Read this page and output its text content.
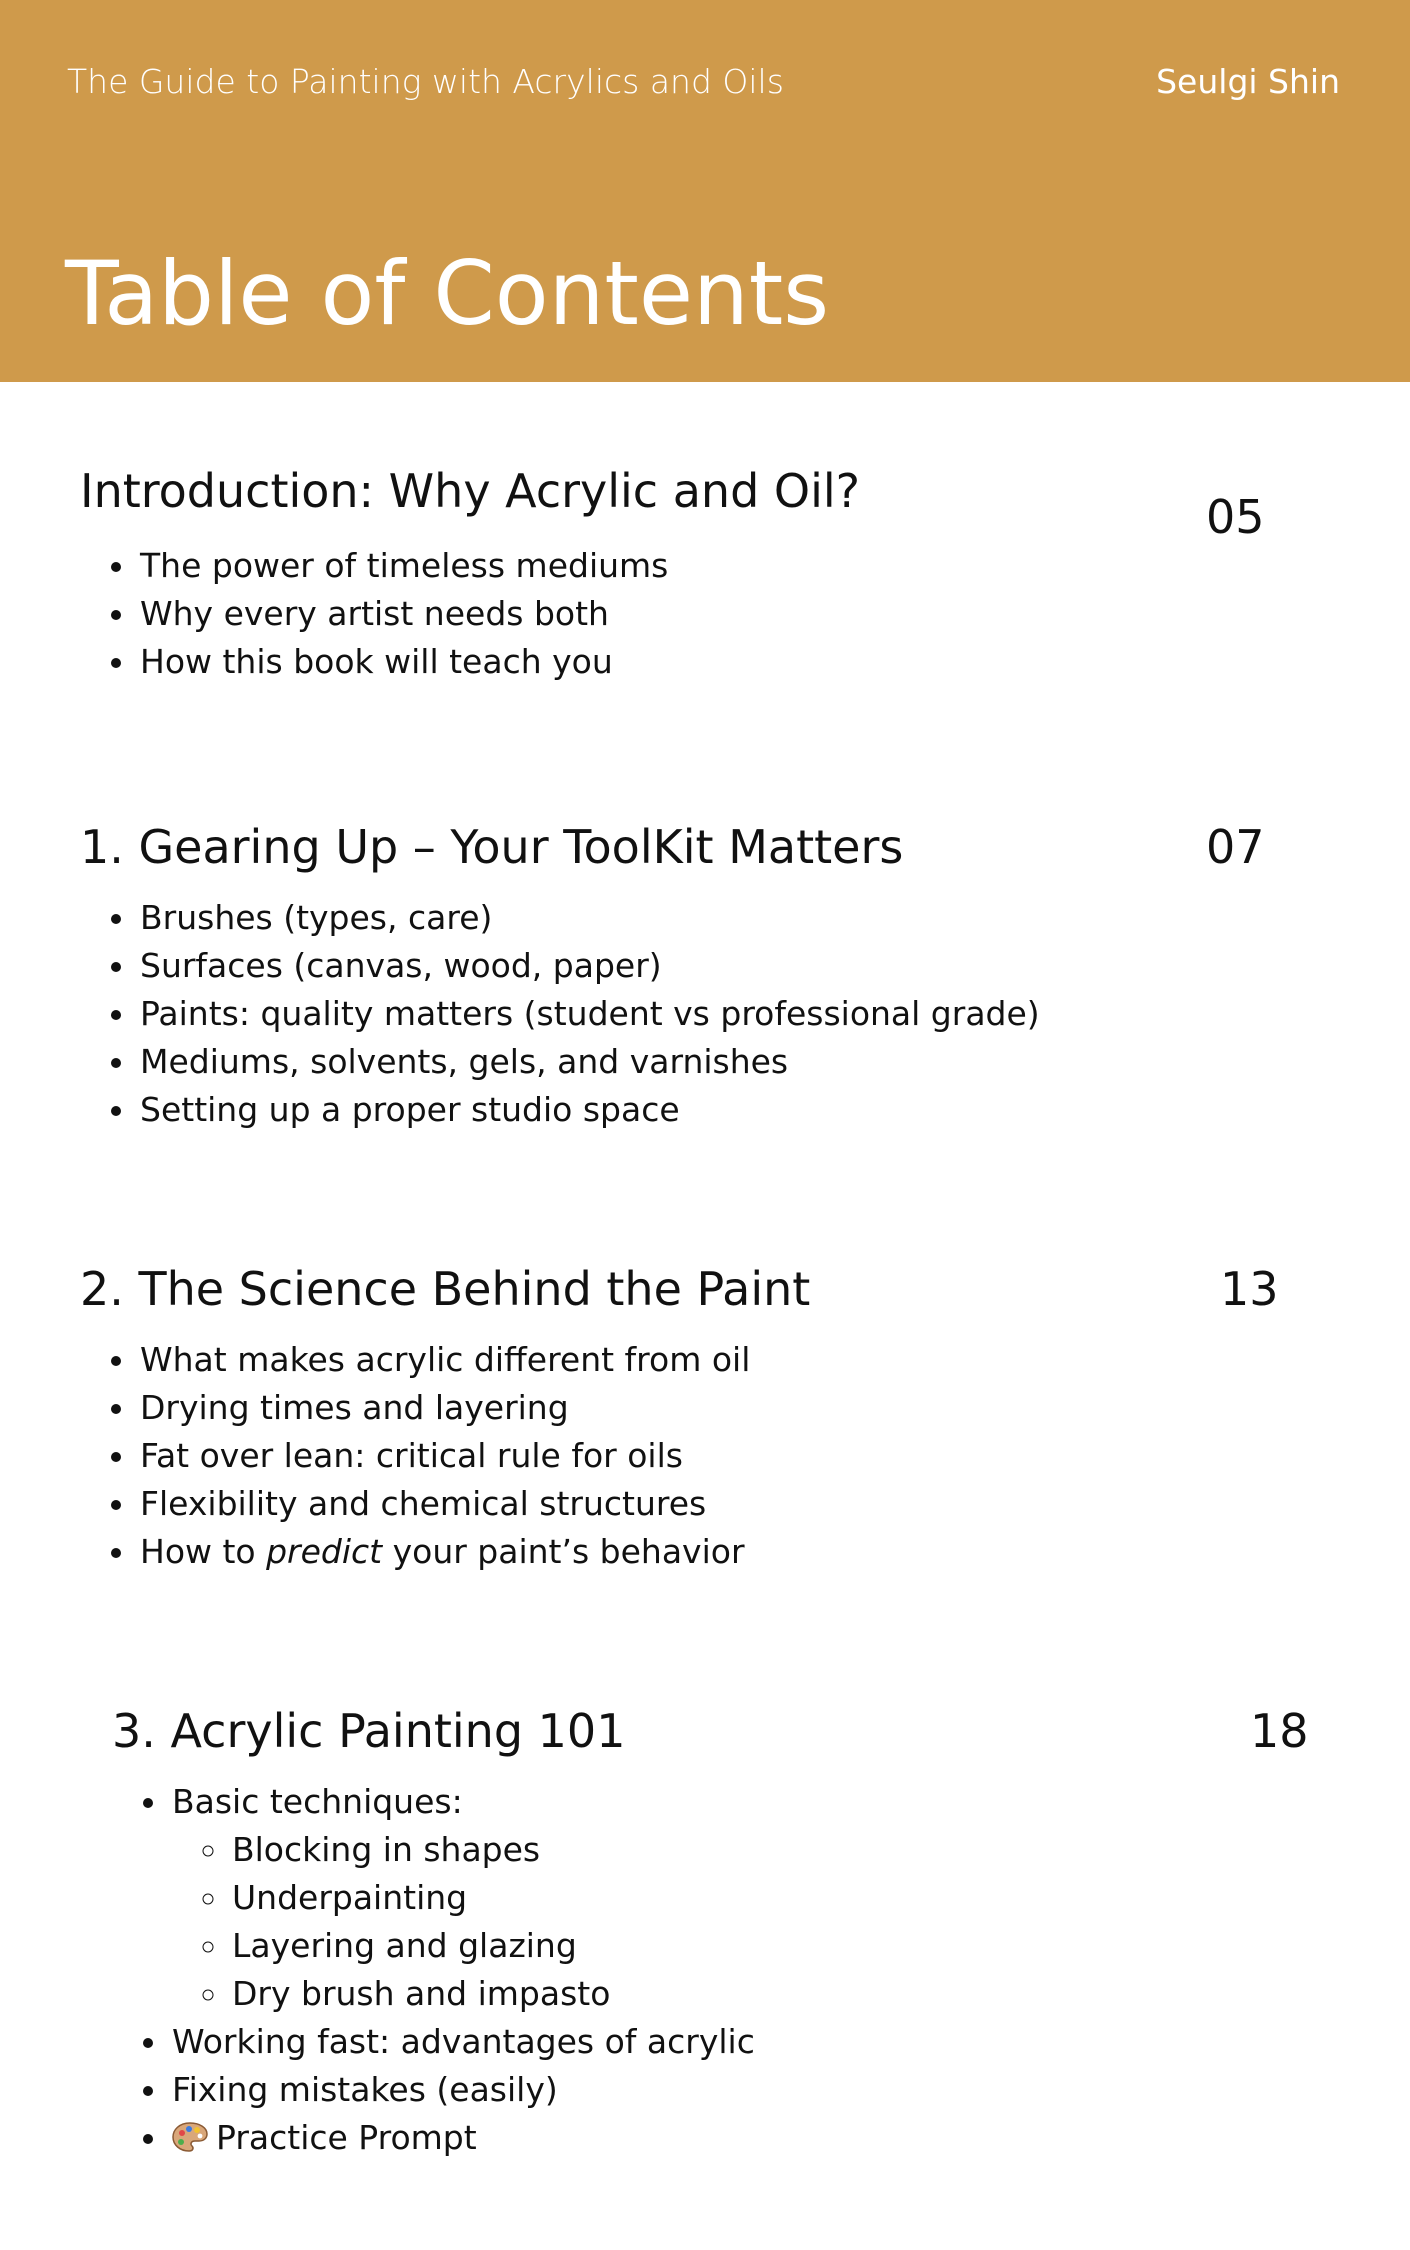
The Guide to Painting with Acrylics and Oils	Seulgi Shin
Table of Contents
Introduction: Why Acrylic and Oil?	05
• The power of timeless mediums
• Why every artist needs both
• How this book will teach you
1. Gearing Up – Your ToolKit Matters	07
• Brushes (types, care)
• Surfaces (canvas, wood, paper)
• Paints: quality matters (student vs professional grade)
• Mediums, solvents, gels, and varnishes
• Setting up a proper studio space
2. The Science Behind the Paint	13
• What makes acrylic different from oil
• Drying times and layering
• Fat over lean: critical rule for oils
• Flexibility and chemical structures
• How to predict your paint’s behavior
3. Acrylic Painting 101	18
• Basic techniques:
◦ Blocking in shapes
◦ Underpainting
◦ Layering and glazing
◦ Dry brush and impasto
• Working fast: advantages of acrylic
• Fixing mistakes (easily)
• Practice Prompt
